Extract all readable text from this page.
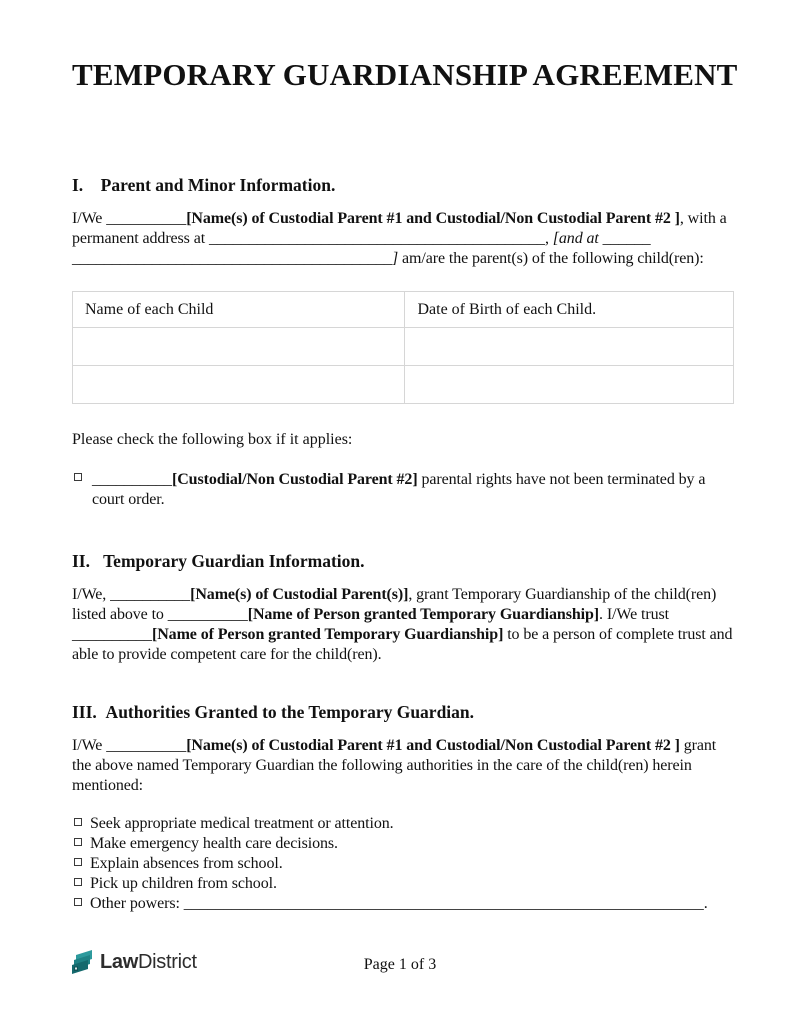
TEMPORARY GUARDIANSHIP AGREEMENT
I.    Parent and Minor Information.

I/We __________[Name(s) of Custodial Parent #1 and Custodial/Non Custodial Parent #2 ], with a permanent address at __________________________________________, [and at ______________________________________________] am/are the parent(s) of the following child(ren):

Name of each Child	Date of Birth of each Child.

Please check the following box if it applies:

__________[Custodial/Non Custodial Parent #2] parental rights have not been terminated by a court order.
II.   Temporary Guardian Information.

I/We, __________[Name(s) of Custodial Parent(s)], grant Temporary Guardianship of the child(ren) listed above to __________[Name of Person granted Temporary Guardianship]. I/We trust __________[Name of Person granted Temporary Guardianship] to be a person of complete trust and able to provide competent care for the child(ren).

III.  Authorities Granted to the Temporary Guardian.

I/We __________[Name(s) of Custodial Parent #1 and Custodial/Non Custodial Parent #2 ] grant the above named Temporary Guardian the following authorities in the care of the child(ren) herein mentioned:

Seek appropriate medical treatment or attention.
Make emergency health care decisions.
Explain absences from school.
Pick up children from school.
Other powers: _________________________________________________________________.
LawDistrict	Page 1 of 3
